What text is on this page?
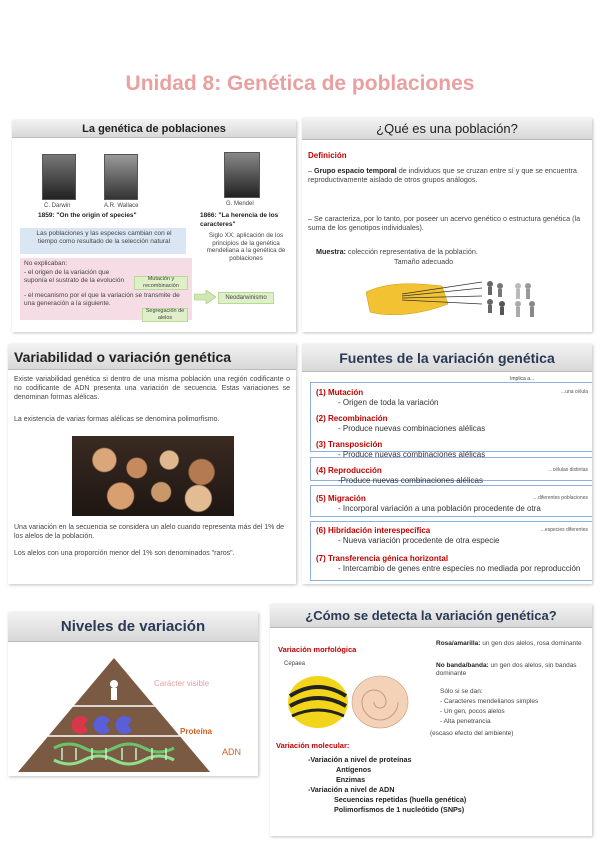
Unidad 8: Genética de poblaciones
La genética de poblaciones
C. Darwin	A.R. Wallace	G. Mendel
1859: "On the origin of species"	1866: "La herencia de los caracteres"
Las poblaciones y las especies cambian con el tiempo como resultado de la selección natural
No explicaban:
- el origen de la variación que suponía el sustrato de la evolución
- el mecanismo por el que la variación se transmite de una generación a la siguiente.
Mutación y recombinación
Segregación de alelos
Siglo XX: aplicación de los principios de la genética mendeliana a la genética de poblaciones
Neodarwinismo
¿Qué es una población?
Definición
– Grupo espacio temporal de individuos que se cruzan entre sí y que se encuentra reproductivamente aislado de otros grupos análogos.
– Se caracteriza, por lo tanto, por poseer un acervo genético o estructura genética (la suma de los genotipos individuales).
Muestra: colección representativa de la población.
Tamaño adecuado
Variabilidad o variación genética
Existe variabilidad genética si dentro de una misma población una región codificante o no codificante de ADN presenta una variación de secuencia. Estas variaciones se denominan formas alélicas.
La existencia de varias formas alélicas se denomina polimorfismo.
Una variación en la secuencia se considera un alelo cuando representa más del 1% de los alelos de la población.
Los alelos con una proporción menor del 1% son denominados "raros".
Fuentes de la variación genética
Implica a...
(1) Mutación
- Origen de toda la variación
...una célula
(2) Recombinación
- Produce nuevas combinaciones alélicas
(3) Transposición
- Produce nuevas combinaciones alélicas
(4) Reproducción
-Produce nuevas combinaciones alélicas
...células distintas
(5) Migración
- Incorporal variación a una población procedente de otra
...diferentes poblaciones
(6) Hibridación interespecífica
- Nueva variación procedente de otra especie
...especies diferentes
(7) Transferencia génica horizontal
- Intercambio de genes entre especies no mediada por reproducción
Niveles de variación
Carácter visible
Proteína
ADN
¿Cómo se detecta la variación genética?
Variación morfológica
Cepaea
Rosa/amarilla: un gen dos alelos, rosa dominante
No banda/banda: un gen dos alelos, sin bandas dominante
Sólo si se dan:
- Caracteres mendelianos simples
- Un gen, pocos alelos
- Alta penetrancia
(escaso efecto del ambiente)
Variación molecular:
-Variación a nivel de proteínas
Antígenos
Enzimas
-Variación a nivel de ADN
Secuencias repetidas (huella genética)
Polimorfismos de 1 nucleótido (SNPs)
